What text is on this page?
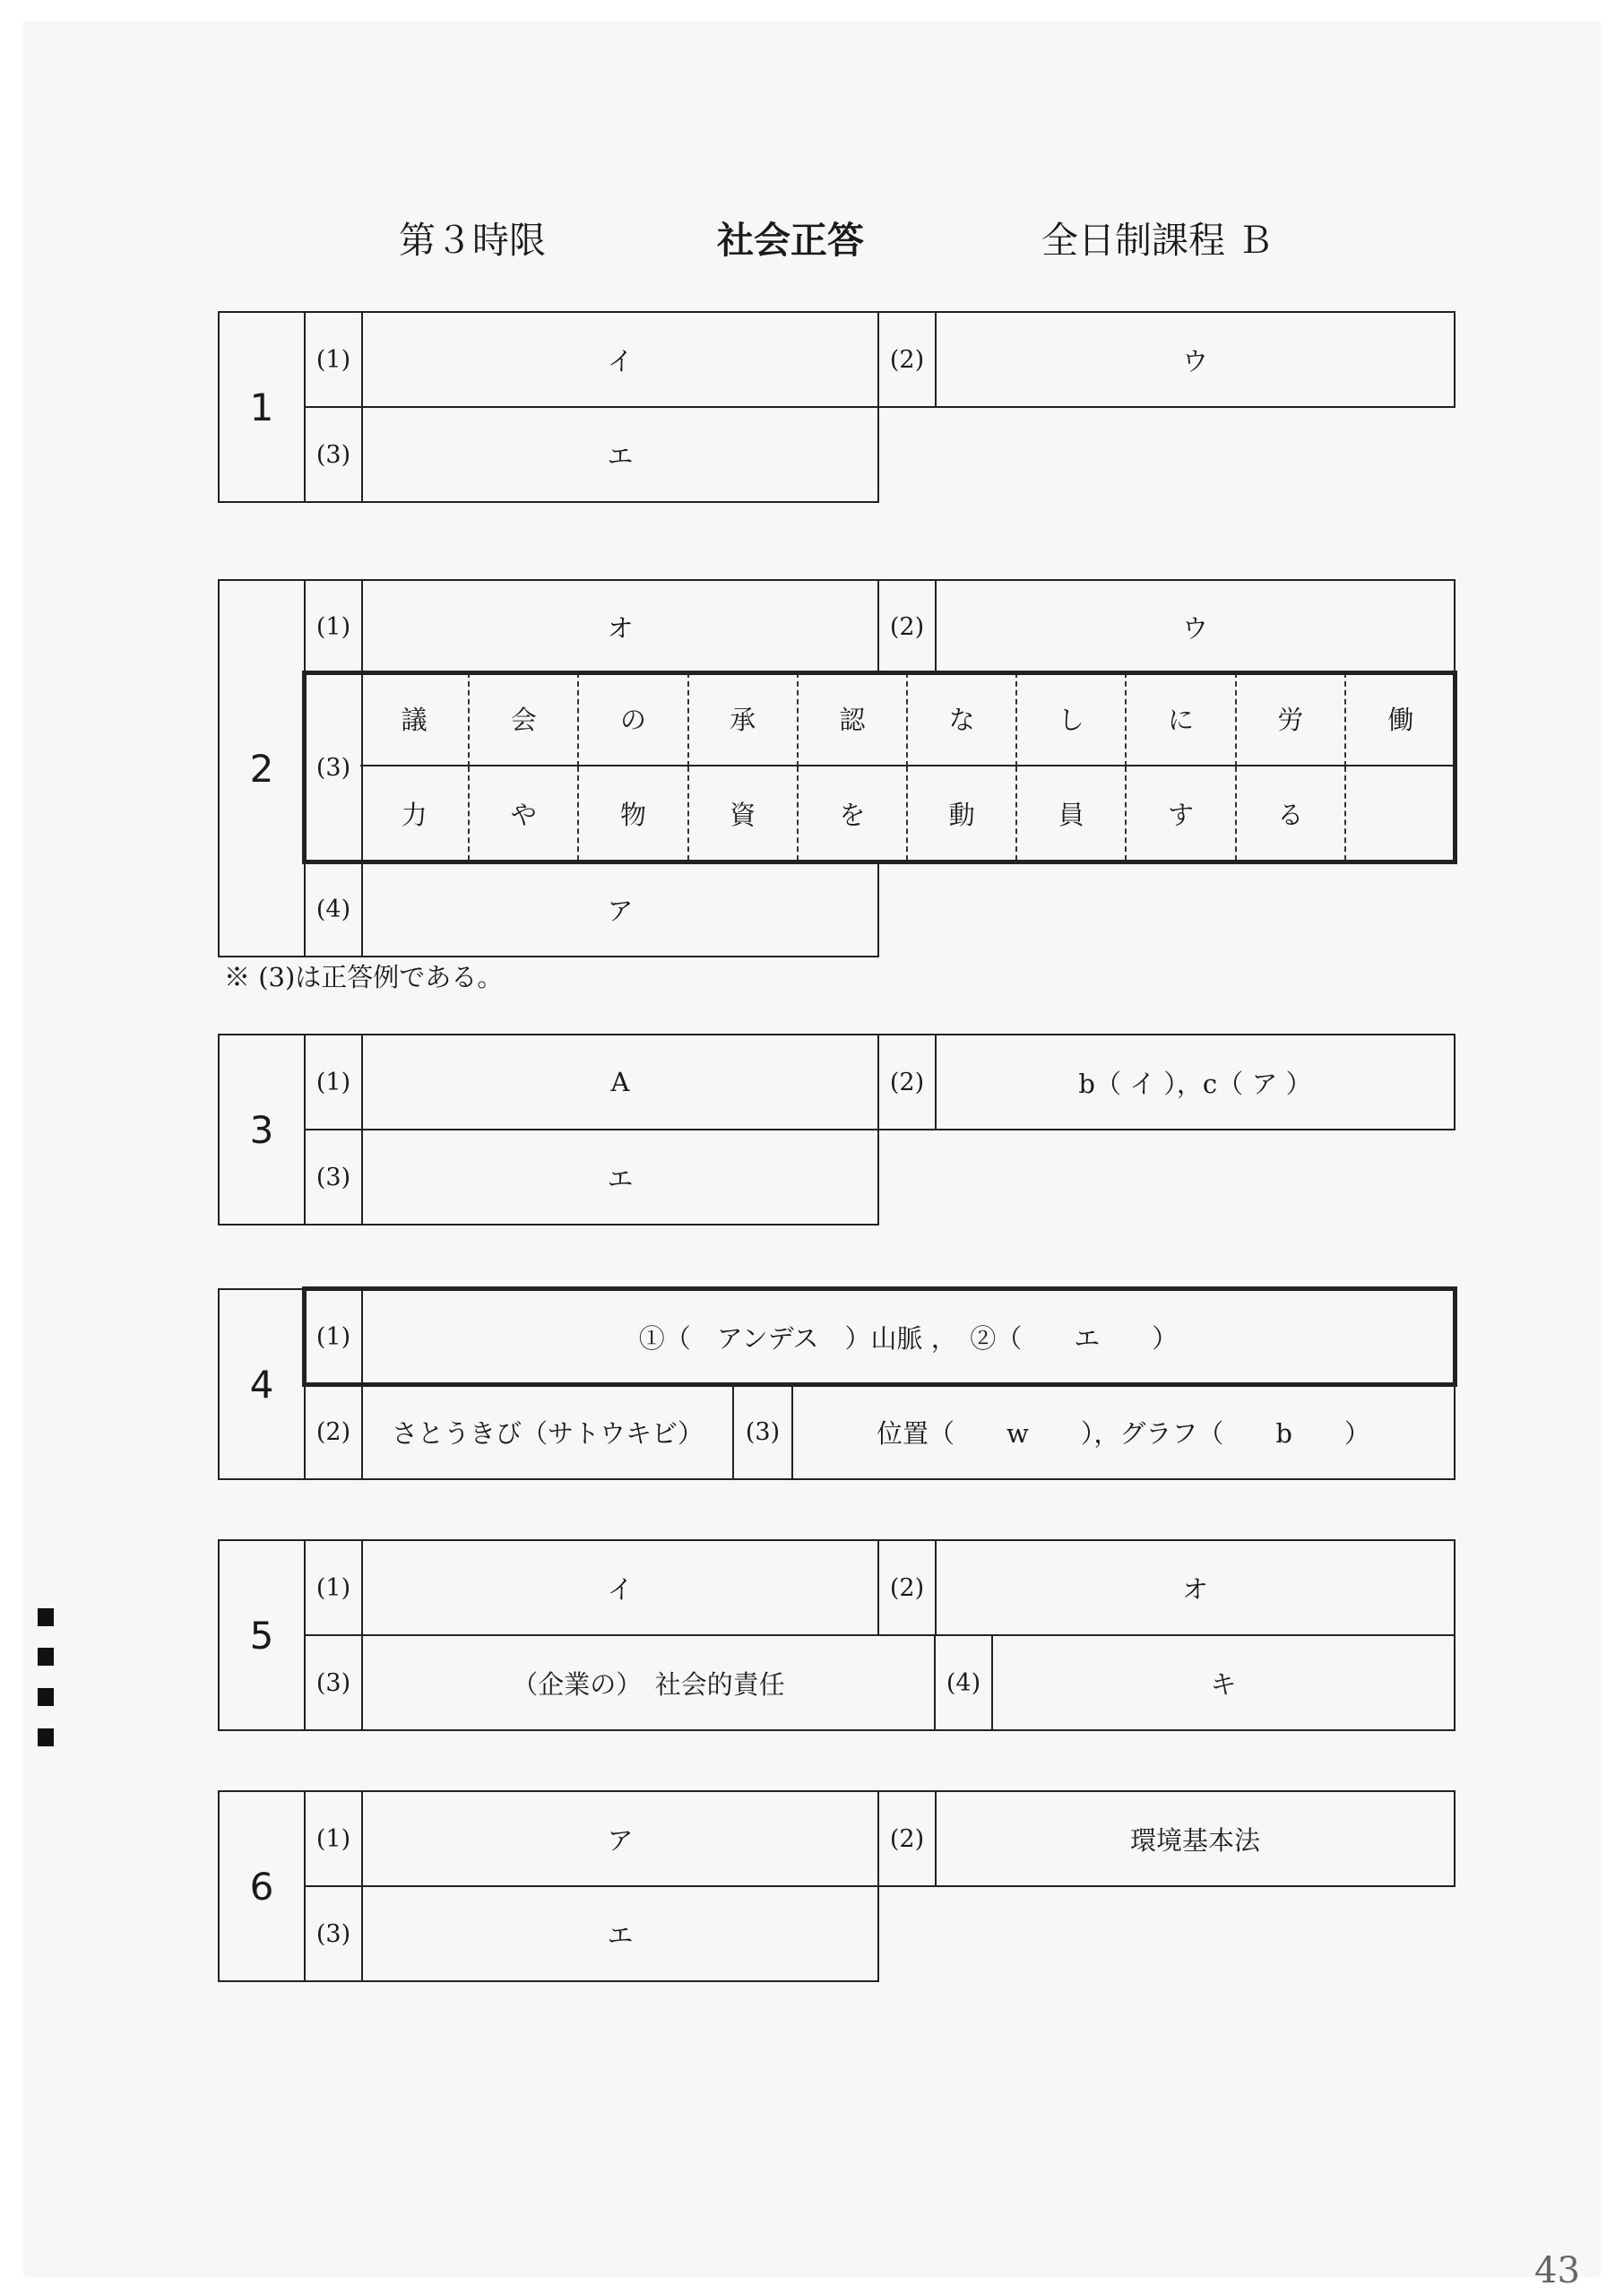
第３時限	社会正答	全日制課程 Ｂ
1
(1)	イ	(2)	ウ
(3)	エ
2
(1)	オ	(2)	ウ
(3)
議	会	の	承	認	な	し	に	労	働
力	や	物	資	を	動	員	す	る
(4)	ア
※ (3)は正答例である。
3
(1)	A	(2)	b（ イ ），c（ ア ）
(3)	エ
4
(1)	①（　アンデス　）山脈 ，　②（　　エ　　）
(2)	さとうきび（サトウキビ）	(3)	位置（　　w　　），グラフ（　　b　　）
5
(1)	イ	(2)	オ
(3)	（企業の）　社会的責任	(4)	キ
6
(1)	ア	(2)	環境基本法
(3)	エ
43
